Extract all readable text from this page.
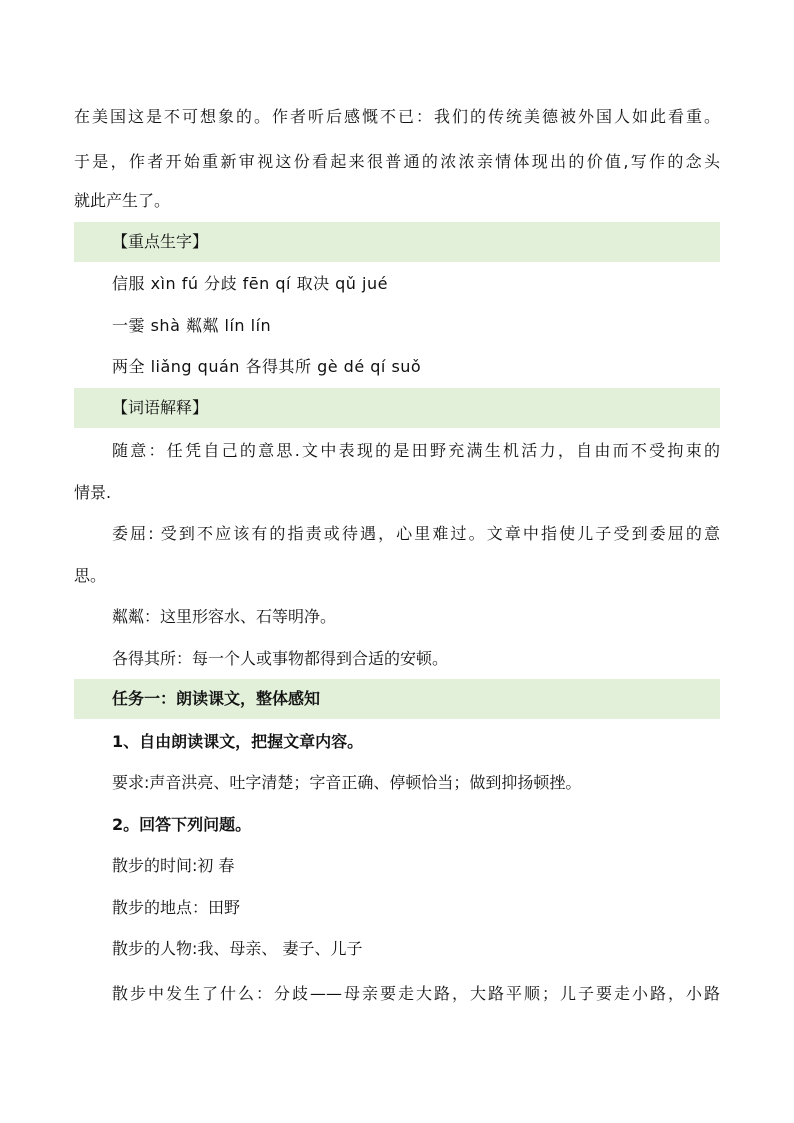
在美国这是不可想象的。作者听后感慨不已：我们的传统美德被外国人如此看重。
于是，作者开始重新审视这份看起来很普通的浓浓亲情体现出的价值,写作的念头
就此产生了。
【重点生字】
信服 xìn fú 分歧 fēn qí 取决 qǔ jué
一霎 shà 粼粼 lín lín
两全 liǎng quán 各得其所 gè dé qí suǒ
【词语解释】
随意：任凭自己的意思.文中表现的是田野充满生机活力，自由而不受拘束的
情景.
委屈: 受到不应该有的指责或待遇，心里难过。文章中指使儿子受到委屈的意
思。
粼粼：这里形容水、石等明净。
各得其所：每一个人或事物都得到合适的安顿。
任务一：朗读课文，整体感知
1、自由朗读课文，把握文章内容。
要求:声音洪亮、吐字清楚；字音正确、停顿恰当；做到抑扬顿挫。
2。回答下列问题。
散步的时间:初 春
散步的地点：田野
散步的人物:我、母亲、 妻子、儿子
散步中发生了什么：分歧——母亲要走大路，大路平顺；儿子要走小路，小路
